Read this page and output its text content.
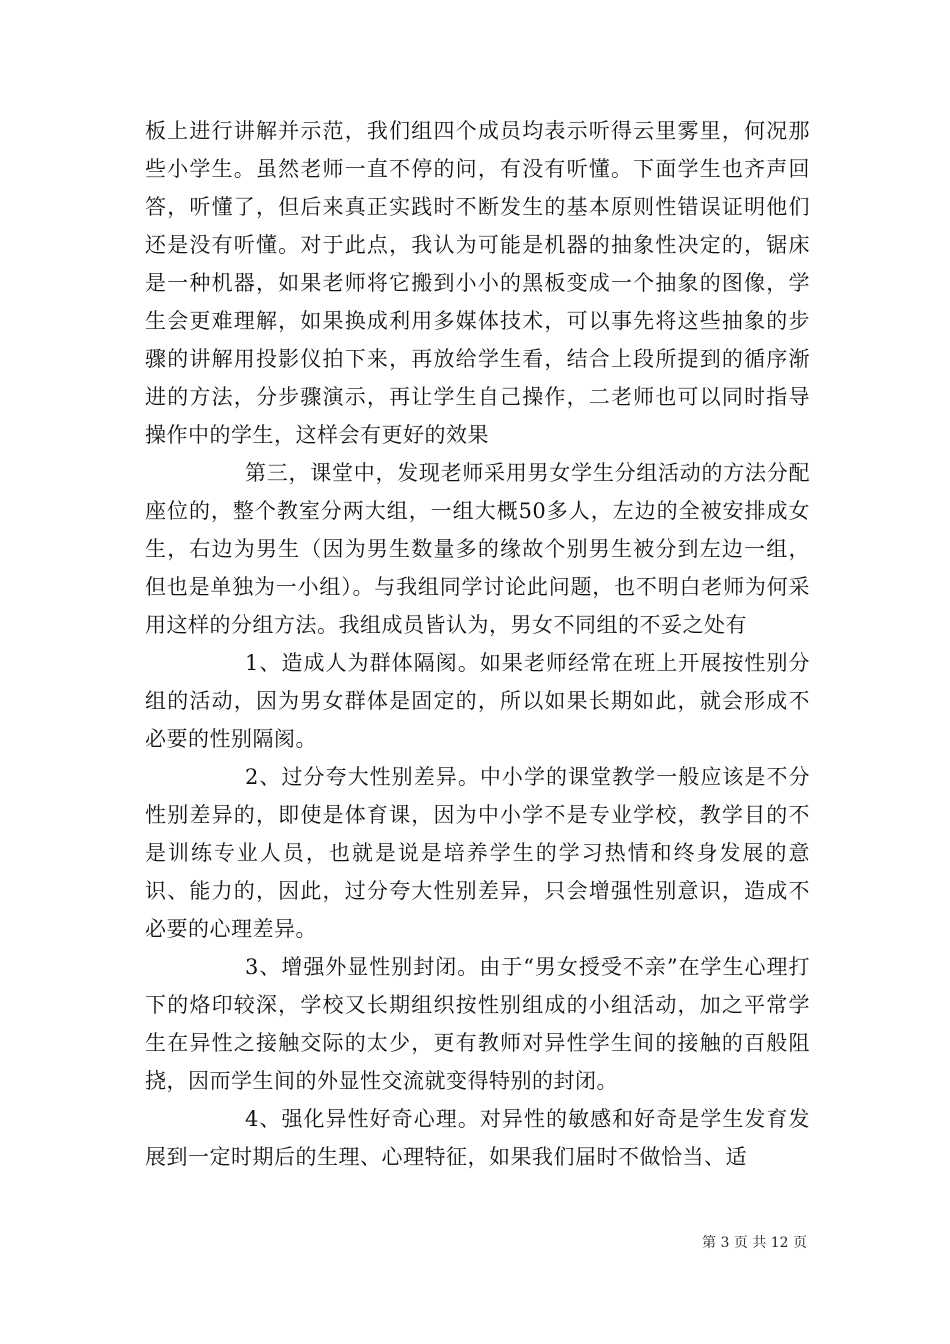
板上进行讲解并示范，我们组四个成员均表示听得云里雾里，何况那些小学生。虽然老师一直不停的问，有没有听懂。下面学生也齐声回答，听懂了，但后来真正实践时不断发生的基本原则性错误证明他们还是没有听懂。对于此点，我认为可能是机器的抽象性决定的，锯床是一种机器，如果老师将它搬到小小的黑板变成一个抽象的图像，学生会更难理解，如果换成利用多媒体技术，可以事先将这些抽象的步骤的讲解用投影仪拍下来，再放给学生看，结合上段所提到的循序渐进的方法，分步骤演示，再让学生自己操作，二老师也可以同时指导操作中的学生，这样会有更好的效果

第三，课堂中，发现老师采用男女学生分组活动的方法分配座位的，整个教室分两大组，一组大概50多人，左边的全被安排成女生，右边为男生（因为男生数量多的缘故个别男生被分到左边一组，但也是单独为一小组）。与我组同学讨论此问题，也不明白老师为何采用这样的分组方法。我组成员皆认为，男女不同组的不妥之处有

1、造成人为群体隔阂。如果老师经常在班上开展按性别分组的活动，因为男女群体是固定的，所以如果长期如此，就会形成不必要的性别隔阂。

2、过分夸大性别差异。中小学的课堂教学一般应该是不分性别差异的，即使是体育课，因为中小学不是专业学校，教学目的不是训练专业人员，也就是说是培养学生的学习热情和终身发展的意识、能力的，因此，过分夸大性别差异，只会增强性别意识，造成不必要的心理差异。

3、增强外显性别封闭。由于“男女授受不亲”在学生心理打下的烙印较深，学校又长期组织按性别组成的小组活动，加之平常学生在异性之接触交际的太少，更有教师对异性学生间的接触的百般阻挠，因而学生间的外显性交流就变得特别的封闭。

4、强化异性好奇心理。对异性的敏感和好奇是学生发育发展到一定时期后的生理、心理特征，如果我们届时不做恰当、适

第 3 页 共 12 页
